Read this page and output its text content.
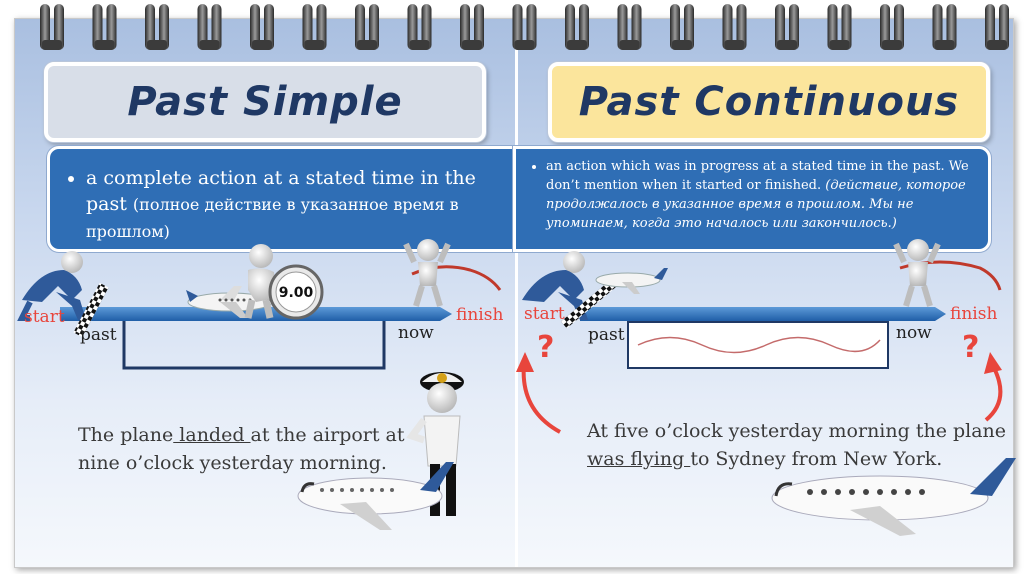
Past Simple	Past Continuous
• a complete action at a stated time in the past (полное действие в указанное время в прошлом)
• an action which was in progress at a stated time in the past. We don’t mention when it started or finished. (действие, которое продолжалось в указанное время в прошлом. Мы не упоминаем, когда это началось или закончилось.)
9.00
start	finish
past	now
start	finish
past	now
?	?
The plane landed at the airport at nine o’clock yesterday morning.
At five o’clock yesterday morning the plane was flying to Sydney from New York.
